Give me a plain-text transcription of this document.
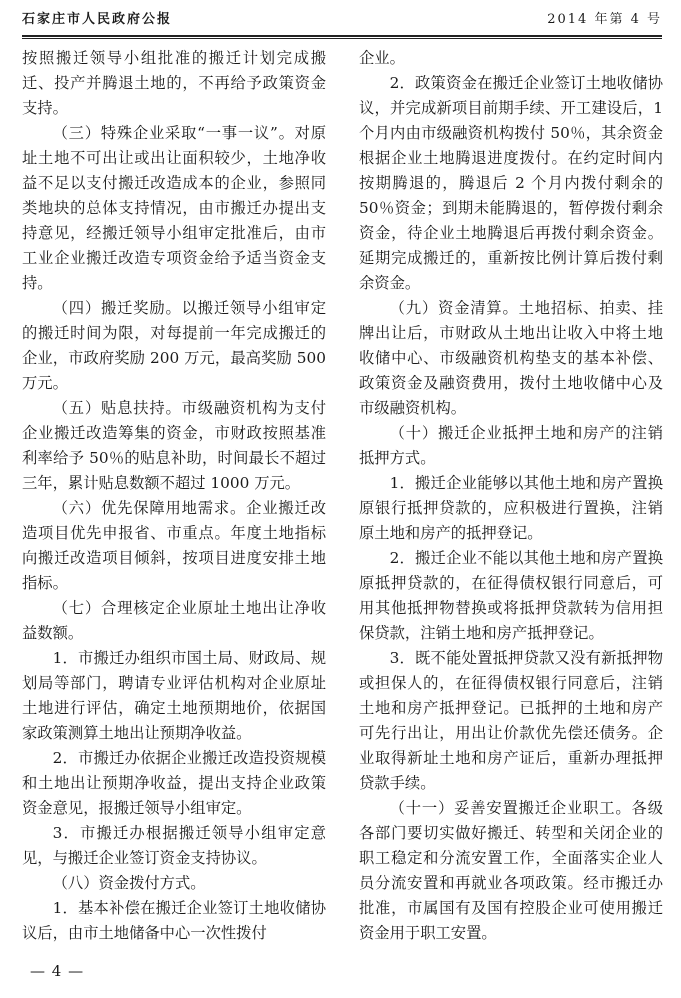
石家庄市人民政府公报	2014 年第 4 号

按照搬迁领导小组批准的搬迁计划完成搬迁、投产并腾退土地的，不再给予政策资金支持。

（三）特殊企业采取“一事一议”。对原址土地不可出让或出让面积较少，土地净收益不足以支付搬迁改造成本的企业，参照同类地块的总体支持情况，由市搬迁办提出支持意见，经搬迁领导小组审定批准后，由市工业企业搬迁改造专项资金给予适当资金支持。

（四）搬迁奖励。以搬迁领导小组审定的搬迁时间为限，对每提前一年完成搬迁的企业，市政府奖励 200 万元，最高奖励 500 万元。

（五）贴息扶持。市级融资机构为支付企业搬迁改造筹集的资金，市财政按照基准利率给予 50％的贴息补助，时间最长不超过三年，累计贴息数额不超过 1000 万元。

（六）优先保障用地需求。企业搬迁改造项目优先申报省、市重点。年度土地指标向搬迁改造项目倾斜，按项目进度安排土地指标。

（七）合理核定企业原址土地出让净收益数额。

1．市搬迁办组织市国土局、财政局、规划局等部门，聘请专业评估机构对企业原址土地进行评估，确定土地预期地价，依据国家政策测算土地出让预期净收益。

2．市搬迁办依据企业搬迁改造投资规模和土地出让预期净收益，提出支持企业政策资金意见，报搬迁领导小组审定。

3．市搬迁办根据搬迁领导小组审定意见，与搬迁企业签订资金支持协议。

（八）资金拨付方式。

1．基本补偿在搬迁企业签订土地收储协议后，由市土地储备中心一次性拨付

企业。

2．政策资金在搬迁企业签订土地收储协议，并完成新项目前期手续、开工建设后，1 个月内由市级融资机构拨付 50％，其余资金根据企业土地腾退进度拨付。在约定时间内按期腾退的，腾退后 2 个月内拨付剩余的 50％资金；到期未能腾退的，暂停拨付剩余资金，待企业土地腾退后再拨付剩余资金。延期完成搬迁的，重新按比例计算后拨付剩余资金。

（九）资金清算。土地招标、拍卖、挂牌出让后，市财政从土地出让收入中将土地收储中心、市级融资机构垫支的基本补偿、政策资金及融资费用，拨付土地收储中心及市级融资机构。

（十）搬迁企业抵押土地和房产的注销抵押方式。

1．搬迁企业能够以其他土地和房产置换原银行抵押贷款的，应积极进行置换，注销原土地和房产的抵押登记。

2．搬迁企业不能以其他土地和房产置换原抵押贷款的，在征得债权银行同意后，可用其他抵押物替换或将抵押贷款转为信用担保贷款，注销土地和房产抵押登记。

3．既不能处置抵押贷款又没有新抵押物或担保人的，在征得债权银行同意后，注销土地和房产抵押登记。已抵押的土地和房产可先行出让，用出让价款优先偿还债务。企业取得新址土地和房产证后，重新办理抵押贷款手续。

（十一）妥善安置搬迁企业职工。各级各部门要切实做好搬迁、转型和关闭企业的职工稳定和分流安置工作，全面落实企业人员分流安置和再就业各项政策。经市搬迁办批准，市属国有及国有控股企业可使用搬迁资金用于职工安置。

— 4 —
